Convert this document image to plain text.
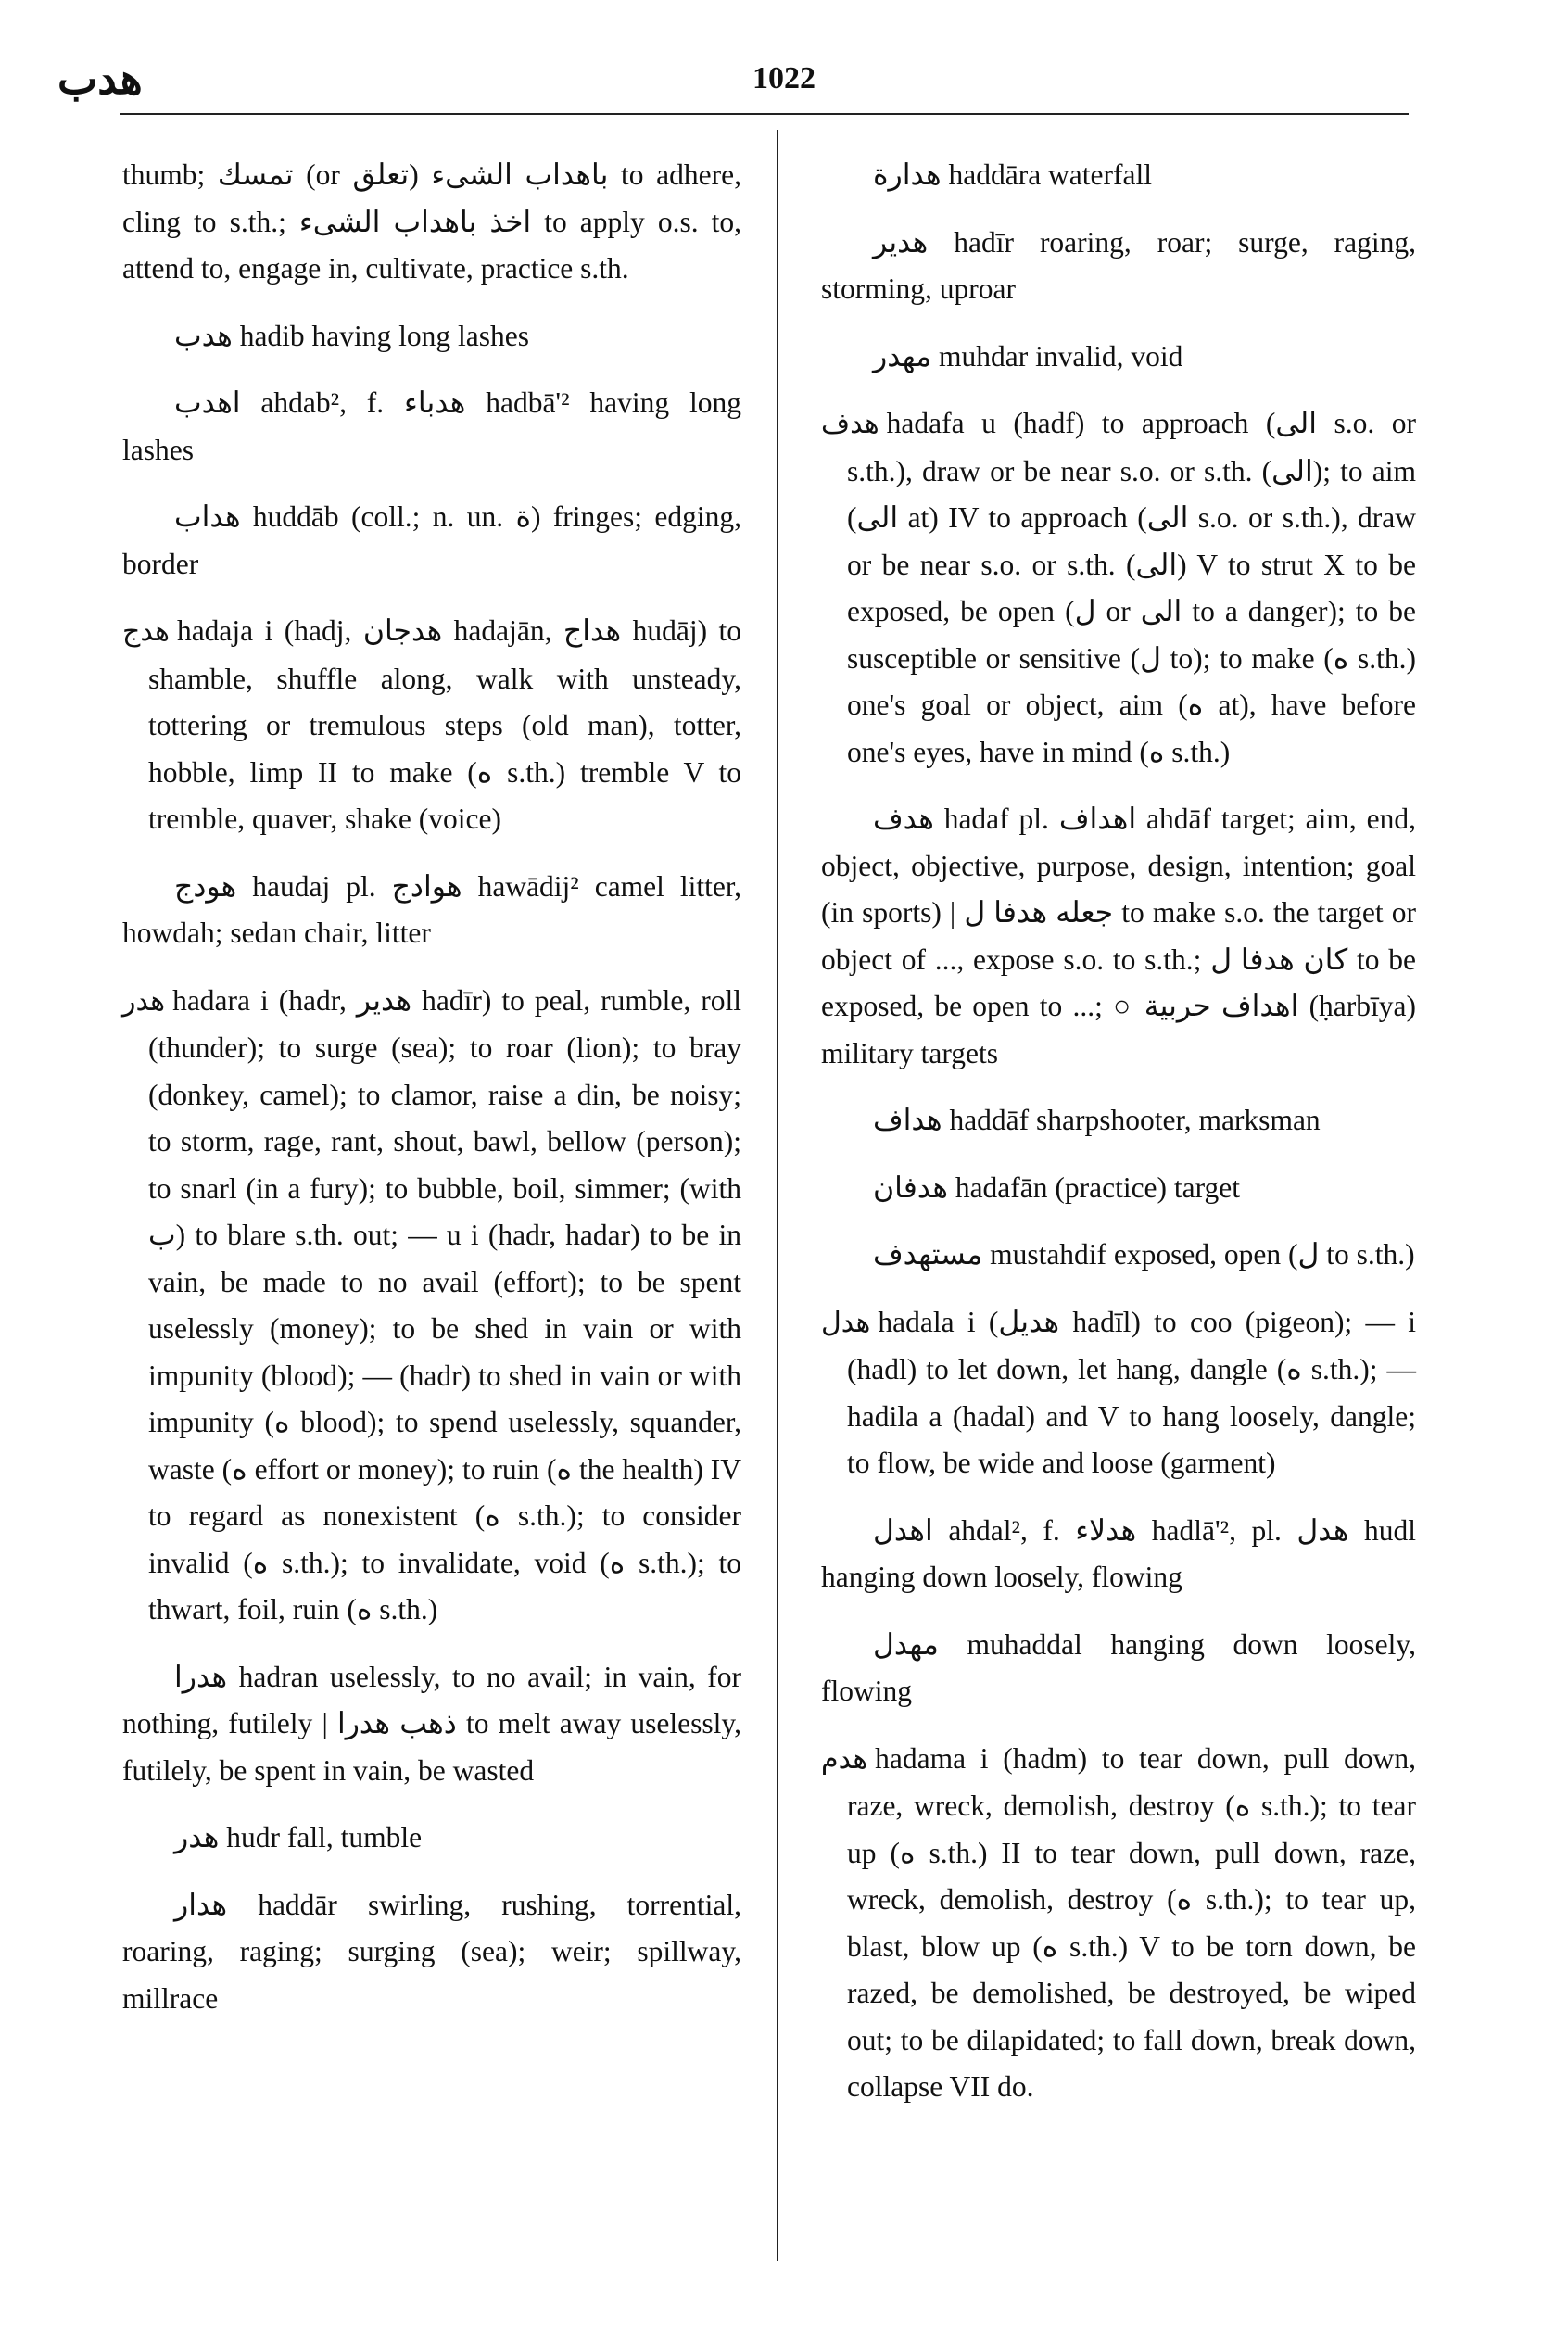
هدب	1022
thumb; تمسك (or تعلق) باهداب الشىء to adhere, cling to s.th.; اخذ باهداب الشىء to apply o.s. to, attend to, engage in, cultivate, practice s.th.
هدب hadib having long lashes
اهدب ahdab², f. هدباء hadbā'² having long lashes
هداب huddāb (coll.; n. un. ة) fringes; edging, border
هدج hadaja i (hadj, هدجان hadajān, هداج hudāj) to shamble, shuffle along, walk with unsteady, tottering or tremulous steps (old man), totter, hobble, limp II to make (ه s.th.) tremble V to tremble, quaver, shake (voice)
هودج haudaj pl. هوادج hawādij² camel litter, howdah; sedan chair, litter
هدر hadara i (hadr, هدير hadīr) to peal, rumble, roll (thunder); to surge (sea); to roar (lion); to bray (donkey, camel); to clamor, raise a din, be noisy; to storm, rage, rant, shout, bawl, bellow (person); to snarl (in a fury); to bubble, boil, simmer; (with ب) to blare s.th. out; — u i (hadr, hadar) to be in vain, be made to no avail (effort); to be spent uselessly (money); to be shed in vain or with impunity (blood); — (hadr) to shed in vain or with impunity (ه blood); to spend uselessly, squander, waste (ه effort or money); to ruin (ه the health) IV to regard as nonexistent (ه s.th.); to consider invalid (ه s.th.); to invalidate, void (ه s.th.); to thwart, foil, ruin (ه s.th.)
هدرا hadran uselessly, to no avail; in vain, for nothing, futilely | ذهب هدرا to melt away uselessly, futilely, be spent in vain, be wasted
هدر hudr fall, tumble
هدار haddār swirling, rushing, torrential, roaring, raging; surging (sea); weir; spillway, millrace
هدارة haddāra waterfall
هدير hadīr roaring, roar; surge, raging, storming, uproar
مهدر muhdar invalid, void
هدف hadafa u (hadf) to approach (الى s.o. or s.th.), draw or be near s.o. or s.th. (الى); to aim (الى at) IV to approach (الى s.o. or s.th.), draw or be near s.o. or s.th. (الى) V to strut X to be exposed, be open (ل or الى to a danger); to be susceptible or sensitive (ل to); to make (ه s.th.) one's goal or object, aim (ه at), have before one's eyes, have in mind (ه s.th.)
هدف hadaf pl. اهداف ahdāf target; aim, end, object, objective, purpose, design, intention; goal (in sports) | جعله هدفا ل to make s.o. the target or object of ..., expose s.o. to s.th.; كان هدفا ل to be exposed, be open to ...; ○ اهداف حربية (ḥarbīya) military targets
هداف haddāf sharpshooter, marksman
هدفان hadafān (practice) target
مستهدف mustahdif exposed, open (ل to s.th.)
هدل hadala i (هديل hadīl) to coo (pigeon); — i (hadl) to let down, let hang, dangle (ه s.th.); — hadila a (hadal) and V to hang loosely, dangle; to flow, be wide and loose (garment)
اهدل ahdal², f. هدلاء hadlā'², pl. هدل hudl hanging down loosely, flowing
مهدل muhaddal hanging down loosely, flowing
هدم hadama i (hadm) to tear down, pull down, raze, wreck, demolish, destroy (ه s.th.); to tear up (ه s.th.) II to tear down, pull down, raze, wreck, demolish, destroy (ه s.th.); to tear up, blast, blow up (ه s.th.) V to be torn down, be razed, be demolished, be destroyed, be wiped out; to be dilapidated; to fall down, break down, collapse VII do.
